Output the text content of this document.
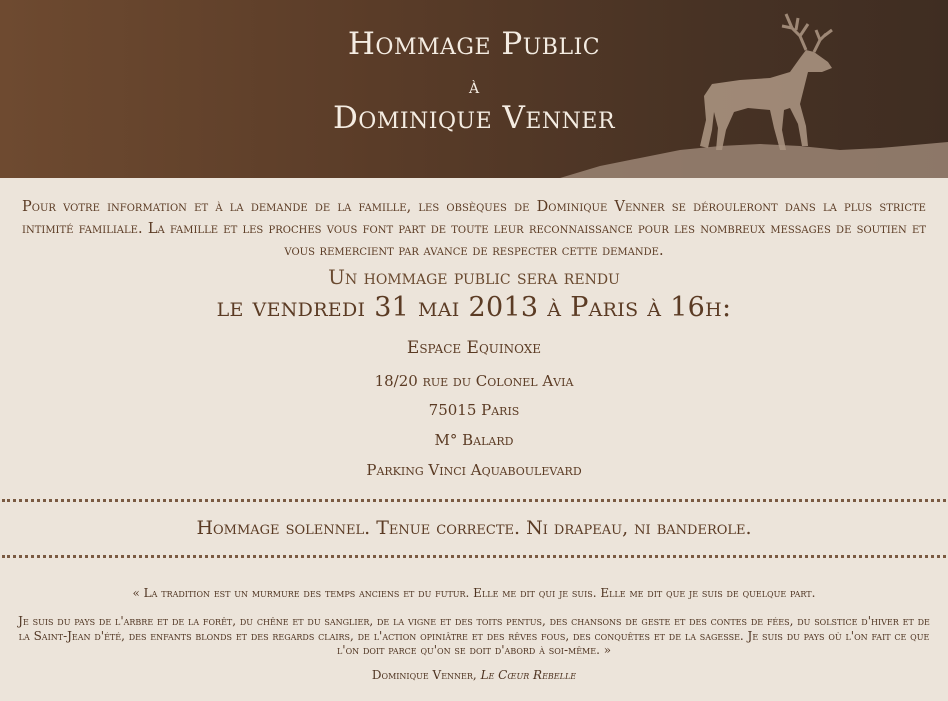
Hommage Public
à
Dominique Venner
Pour votre information et à la demande de la famille, les obsèques de Dominique Venner se dérouleront dans la plus stricte intimité familiale. La famille et les proches vous font part de toute leur reconnaissance pour les nombreux messages de soutien et vous remercient par avance de respecter cette demande.
Un hommage public sera rendu
le vendredi 31 mai 2013 à Paris à 16h:
Espace Equinoxe
18/20 rue du Colonel Avia
75015 Paris
M° Balard
Parking Vinci Aquaboulevard
Hommage solennel. Tenue correcte. Ni drapeau, ni banderole.
« La tradition est un murmure des temps anciens et du futur. Elle me dit qui je suis. Elle me dit que je suis de quelque part.
Je suis du pays de l'arbre et de la forêt, du chêne et du sanglier, de la vigne et des toits pentus, des chansons de geste et des contes de fées, du solstice d'hiver et de la Saint-Jean d'été, des enfants blonds et des regards clairs, de l'action opiniâtre et des rêves fous, des conquêtes et de la sagesse. Je suis du pays où l'on fait ce que l'on doit parce qu'on se doit d'abord à soi-même. »
Dominique Venner, Le Cœur Rebelle
